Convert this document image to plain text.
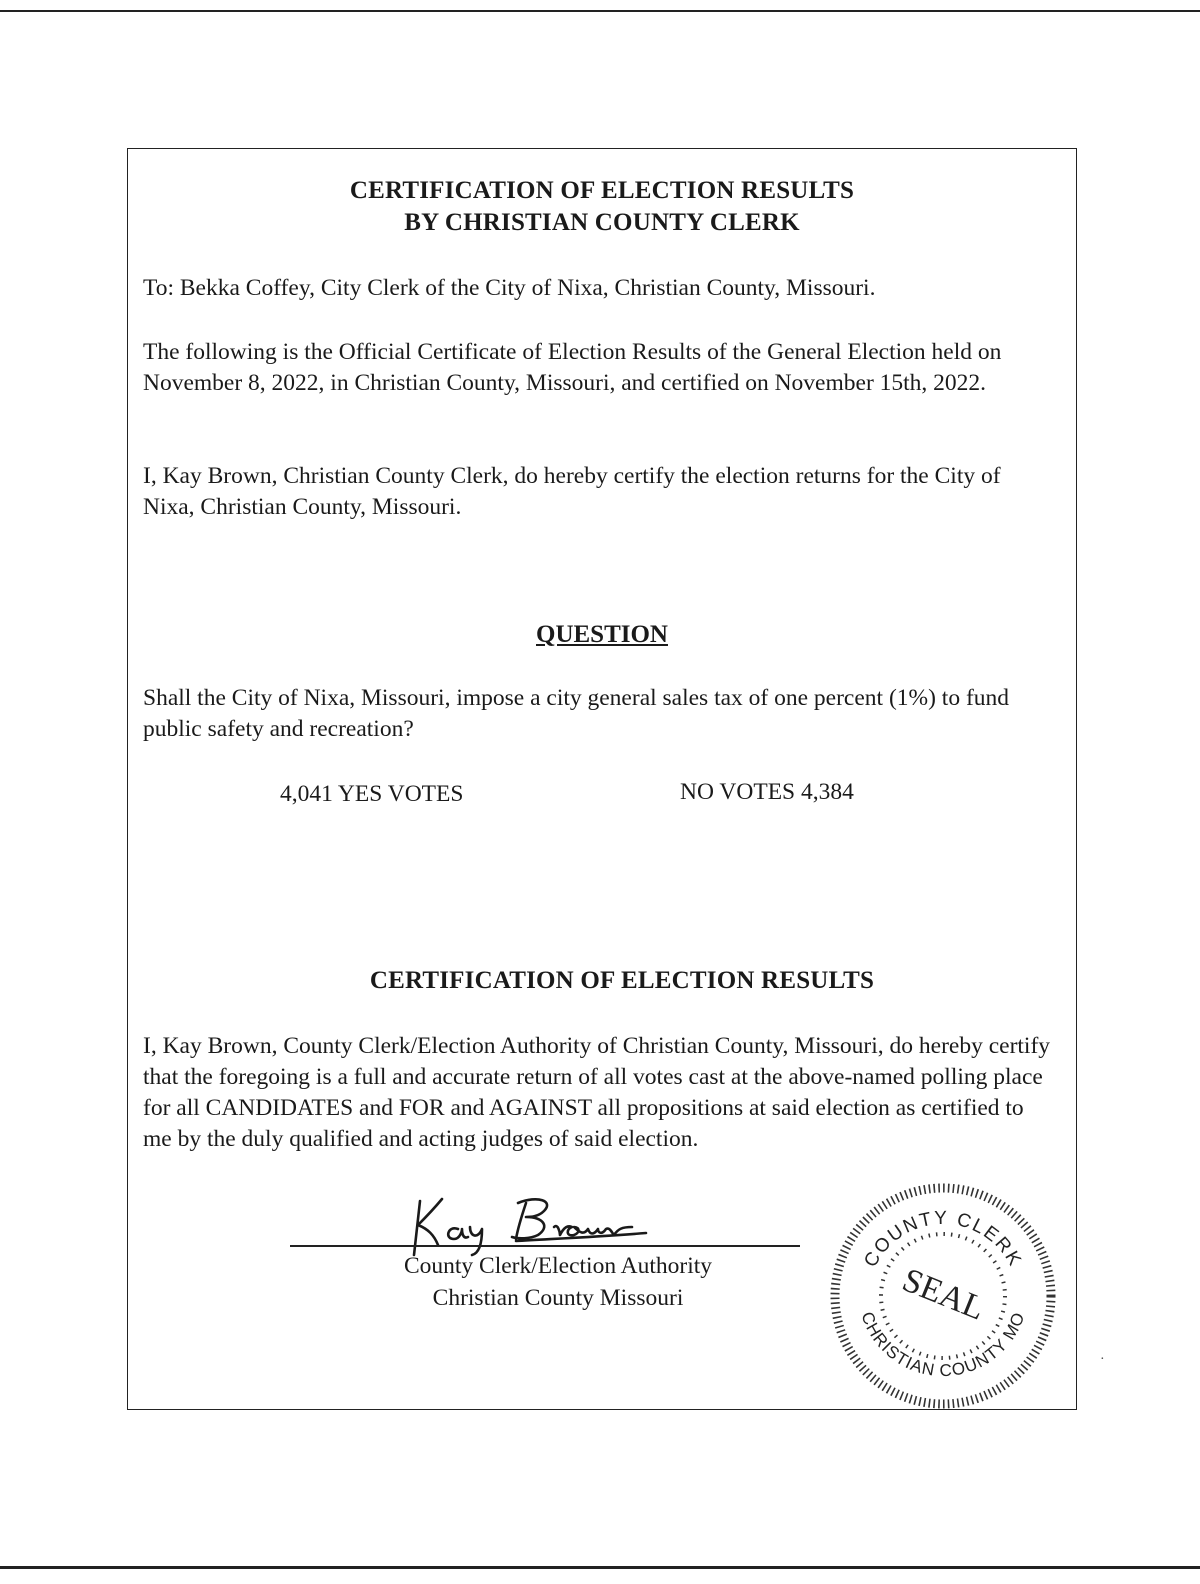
CERTIFICATION OF ELECTION RESULTS
BY CHRISTIAN COUNTY CLERK

To: Bekka Coffey, City Clerk of the City of Nixa, Christian County, Missouri.

The following is the Official Certificate of Election Results of the General Election held on November 8, 2022, in Christian County, Missouri, and certified on November 15th, 2022.

I, Kay Brown, Christian County Clerk, do hereby certify the election returns for the City of Nixa, Christian County, Missouri.

QUESTION

Shall the City of Nixa, Missouri, impose a city general sales tax of one percent (1%) to fund public safety and recreation?

4,041 YES VOTES	NO VOTES 4,384
CERTIFICATION OF ELECTION RESULTS

I, Kay Brown, County Clerk/Election Authority of Christian County, Missouri, do hereby certify that the foregoing is a full and accurate return of all votes cast at the above-named polling place for all CANDIDATES and FOR and AGAINST all propositions at said election as certified to me by the duly qualified and acting judges of said election.

County Clerk/Election Authority
Christian County Missouri
COUNTY CLERK
CHRISTIAN COUNTY MO
SEAL
·
